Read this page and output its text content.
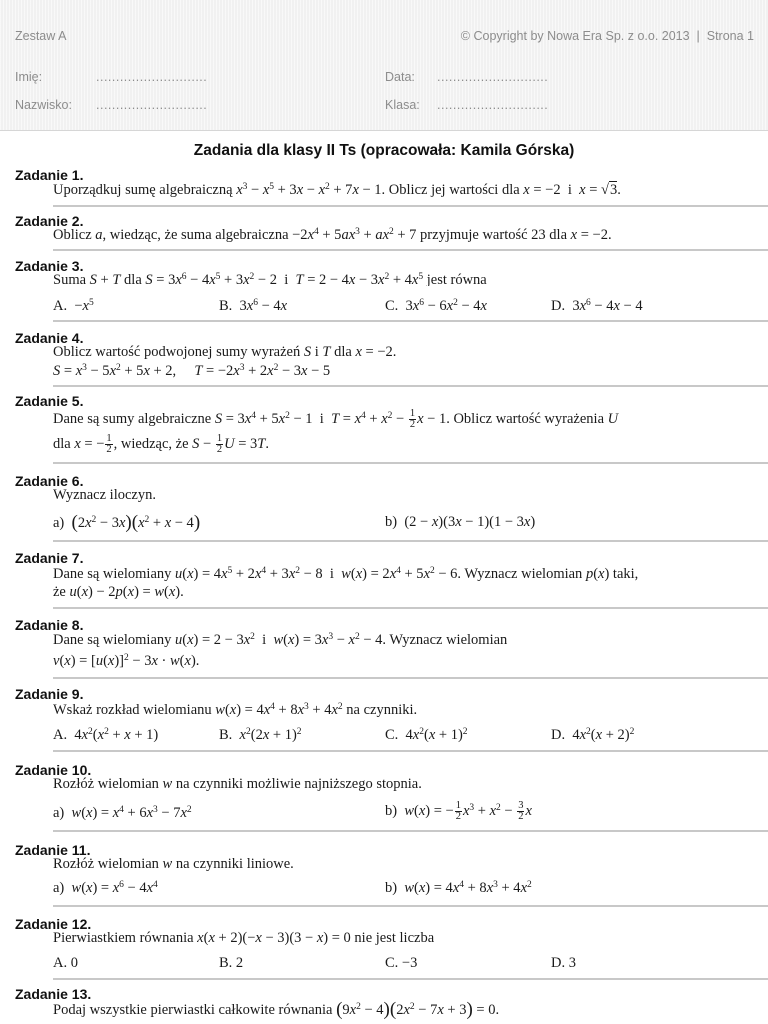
Zestaw A	© Copyright by Nowa Era Sp. z o.o. 2013 | Strona 1
Imię:	............................
Nazwisko: ............................
Data: ............................
Klasa: ............................
Zadania dla klasy II Ts (opracowała: Kamila Górska)
Zadanie 1.
Uporządkuj sumę algebraiczną $x^3 - x^5 + 3x - x^2 + 7x - 1$. Oblicz jej wartości dla x = −2  i  x = √3.
Zadanie 2.
Oblicz a, wiedząc, że suma algebraiczna $-2x^4 + 5ax^3 + ax^2 + 7$ przyjmuje wartość 23 dla x = −2.
Zadanie 3.
Suma S + T dla $S = 3x^6 - 4x^5 + 3x^2 - 2$  i  $T = 2 - 4x - 3x^2 + 4x^5$ jest równa
A.  $-x^5$	B.  $3x^6 - 4x$	C.  $3x^6 - 6x^2 - 4x$	D.  $3x^6 - 4x - 4$
Zadanie 4.
Oblicz wartość podwojonej sumy wyrażeń S i T dla x = −2.
$S = x^3 - 5x^2 + 5x + 2$,     $T = -2x^3 + 2x^2 - 3x - 5$
Zadanie 5.
Dane są sumy algebraiczne $S = 3x^4 + 5x^2 - 1$  i  $T = x^4 + x^2 - \frac{1}{2}$ x − 1. Oblicz wartość wyrażenia U
dla x = − $\frac{1}{2}$ , wiedząc, że $S - \frac{1}{2}$ U = 3T.
Zadanie 6.
Wyznacz iloczyn.
a)  $(2x^2 - 3x)(x^2 + x - 4)$	b)  (2 − x)(3x − 1)(1 − 3x)
Zadanie 7.
Dane są wielomiany $u(x) = 4x^5 + 2x^4 + 3x^2 - 8$  i  $w(x) = 2x^4 + 5x^2 - 6$. Wyznacz wielomian p(x) taki,
że u(x) − 2p(x) = w(x).
Zadanie 8.
Dane są wielomiany $u(x) = 2 - 3x^2$  i  $w(x) = 3x^3 - x^2 - 4$. Wyznacz wielomian
$v(x) = [u(x)]^2 - 3x \cdot w(x)$.
Zadanie 9.
Wskaż rozkład wielomianu $w(x) = 4x^4 + 8x^3 + 4x^2$ na czynniki.
A.  $4x^2(x^2 + x + 1)$	B.  $x^2(2x + 1)^2$	C.  $4x^2(x + 1)^2$	D.  $4x^2(x + 2)^2$
Zadanie 10.
Rozłóż wielomian w na czynniki możliwie najniższego stopnia.
a)  $w(x) = x^4 + 6x^3 - 7x^2$	b)  w(x) = − $\frac{1}{2} x^3 + x^2 - \frac{3}{2}$ x
Zadanie 11.
Rozłóż wielomian w na czynniki liniowe.
a)  $w(x) = x^6 - 4x^4$	b)  $w(x) = 4x^4 + 8x^3 + 4x^2$
Zadanie 12.
Pierwiastkiem równania x(x + 2)(−x − 3)(3 − x) = 0 nie jest liczba
A. 0	B. 2	C. −3	D. 3
Zadanie 13.
Podaj wszystkie pierwiastki całkowite równania $(9x^2 - 4)(2x^2 - 7x + 3) = 0$.
